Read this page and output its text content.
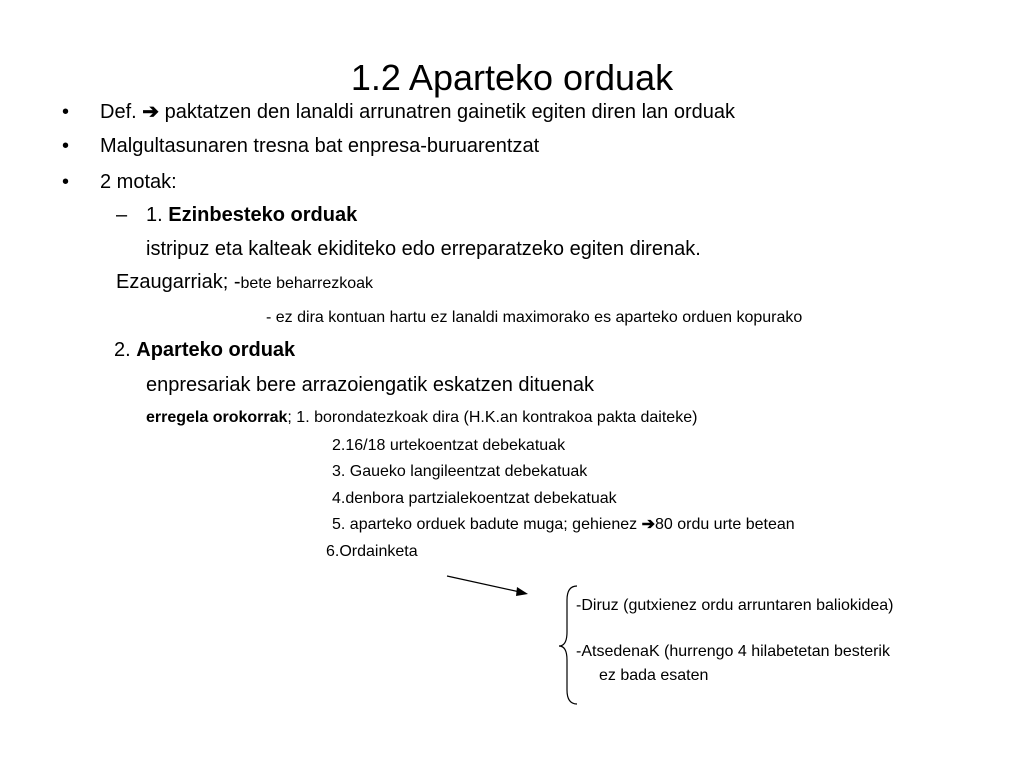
1.2 Aparteko orduak
• Def. ➔ paktatzen den lanaldi arrunatren gainetik egiten diren lan orduak
• Malgultasunaren tresna bat enpresa-buruarentzat
• 2 motak:
– 1. Ezinbesteko orduak
istripuz eta kalteak ekiditeko edo erreparatzeko egiten direnak.
Ezaugarriak; -bete beharrezkoak
- ez dira kontuan hartu ez lanaldi maximorako es aparteko orduen kopurako
2. Aparteko orduak
enpresariak bere arrazoiengatik eskatzen dituenak
erregela orokorrak; 1. borondatezkoak dira (H.K.an kontrakoa pakta daiteke)
2.16/18 urtekoentzat debekatuak
3. Gaueko langileentzat debekatuak
4.denbora partzialekoentzat debekatuak
5. aparteko orduek badute muga; gehienez ➔80 ordu urte betean
6.Ordainketa
-Diruz (gutxienez ordu arruntaren baliokidea)
-AtsedenaK (hurrengo 4 hilabetetan besterik
ez bada esaten
